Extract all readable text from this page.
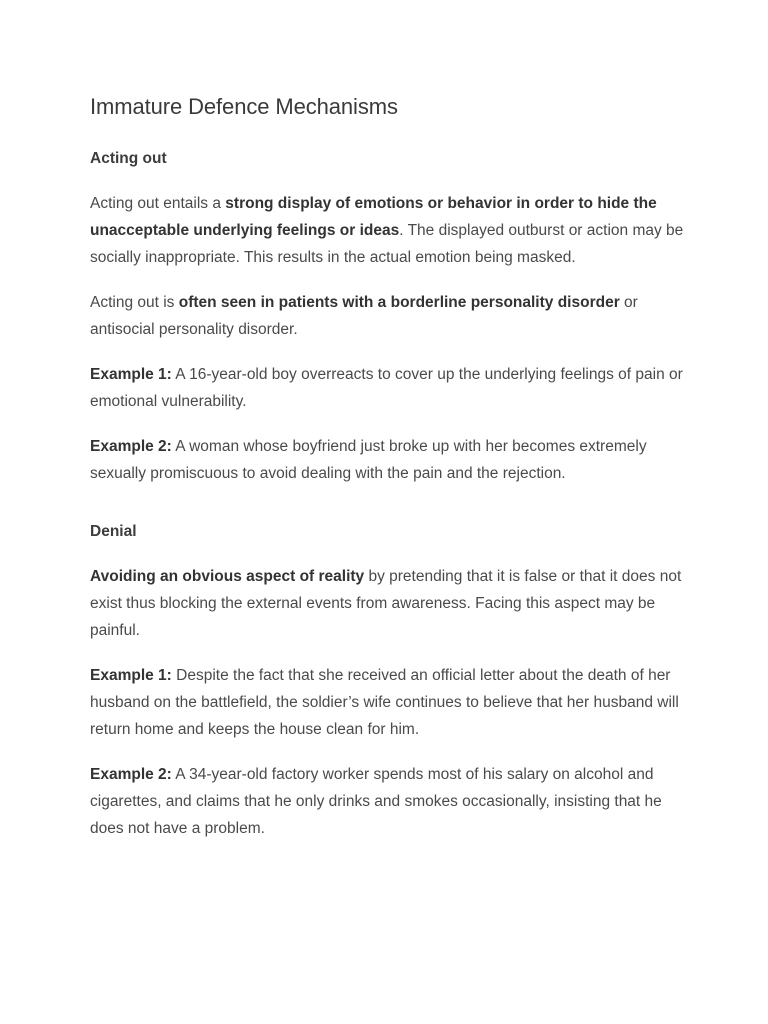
Immature Defence Mechanisms
Acting out

Acting out entails a strong display of emotions or behavior in order to hide the unacceptable underlying feelings or ideas. The displayed outburst or action may be socially inappropriate. This results in the actual emotion being masked.

Acting out is often seen in patients with a borderline personality disorder or antisocial personality disorder.

Example 1: A 16-year-old boy overreacts to cover up the underlying feelings of pain or emotional vulnerability.

Example 2: A woman whose boyfriend just broke up with her becomes extremely sexually promiscuous to avoid dealing with the pain and the rejection.

Denial

Avoiding an obvious aspect of reality by pretending that it is false or that it does not exist thus blocking the external events from awareness. Facing this aspect may be painful.

Example 1: Despite the fact that she received an official letter about the death of her husband on the battlefield, the soldier’s wife continues to believe that her husband will return home and keeps the house clean for him.

Example 2: A 34-year-old factory worker spends most of his salary on alcohol and cigarettes, and claims that he only drinks and smokes occasionally, insisting that he does not have a problem.
